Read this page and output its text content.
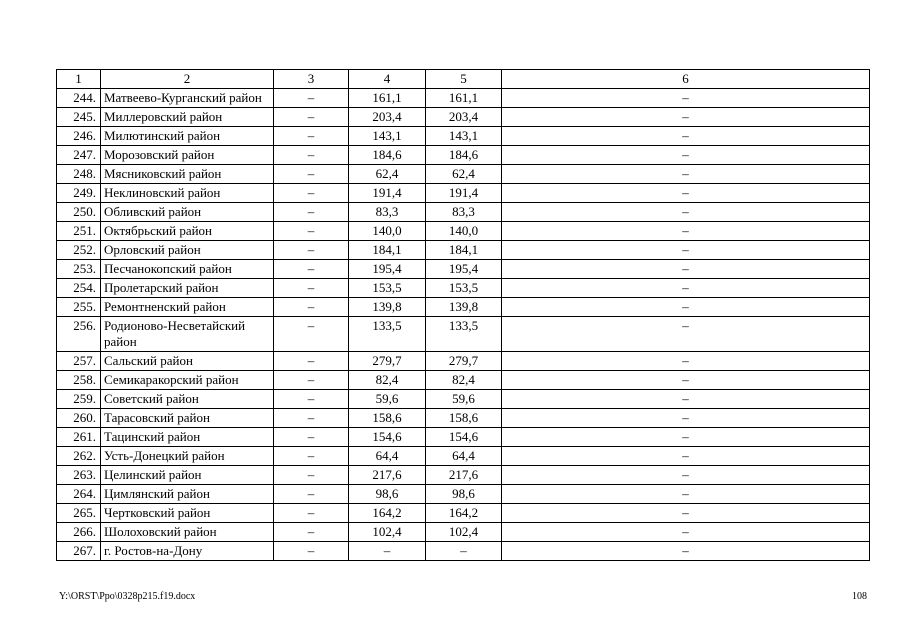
1	2	3	4	5	6
244.	Матвеево-Курганский район	–	161,1	161,1	–
245.	Миллеровский район	–	203,4	203,4	–
246.	Милютинский район	–	143,1	143,1	–
247.	Морозовский район	–	184,6	184,6	–
248.	Мясниковский район	–	62,4	62,4	–
249.	Неклиновский район	–	191,4	191,4	–
250.	Обливский район	–	83,3	83,3	–
251.	Октябрьский район	–	140,0	140,0	–
252.	Орловский район	–	184,1	184,1	–
253.	Песчанокопский район	–	195,4	195,4	–
254.	Пролетарский район	–	153,5	153,5	–
255.	Ремонтненский район	–	139,8	139,8	–
256.	Родионово-Несветайский район	–	133,5	133,5	–
257.	Сальский район	–	279,7	279,7	–
258.	Семикаракорский район	–	82,4	82,4	–
259.	Советский район	–	59,6	59,6	–
260.	Тарасовский район	–	158,6	158,6	–
261.	Тацинский район	–	154,6	154,6	–
262.	Усть-Донецкий район	–	64,4	64,4	–
263.	Целинский район	–	217,6	217,6	–
264.	Цимлянский район	–	98,6	98,6	–
265.	Чертковский район	–	164,2	164,2	–
266.	Шолоховский район	–	102,4	102,4	–
267.	г. Ростов-на-Дону	–	–	–	–
Y:\ORST\Ppo\0328p215.f19.docx	108
